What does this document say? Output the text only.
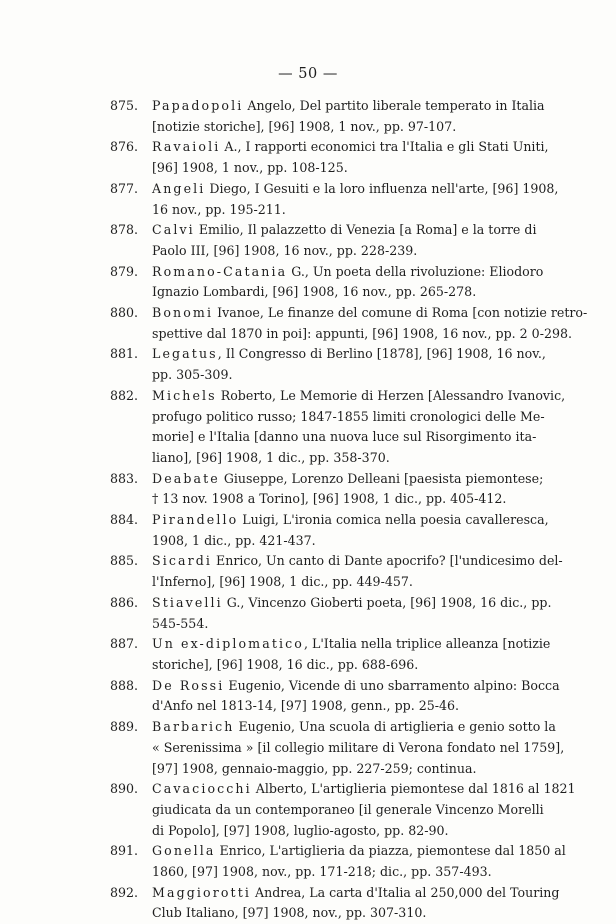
— 50 —
875. Papadopoli Angelo, Del partito liberale temperato in Italia
[notizie storiche], [96] 1908, 1 nov., pp. 97-107.
876. Ravaioli A., I rapporti economici tra l'Italia e gli Stati Uniti,
[96] 1908, 1 nov., pp. 108-125.
877. Angeli Diego, I Gesuiti e la loro influenza nell'arte, [96] 1908,
16 nov., pp. 195-211.
878. Calvi Emilio, Il palazzetto di Venezia [a Roma] e la torre di
Paolo III, [96] 1908, 16 nov., pp. 228-239.
879. Romano-Catania G., Un poeta della rivoluzione: Eliodoro
Ignazio Lombardi, [96] 1908, 16 nov., pp. 265-278.
880. Bonomi Ivanoe, Le finanze del comune di Roma [con notizie retro-
spettive dal 1870 in poi]: appunti, [96] 1908, 16 nov., pp. 2 0-298.
881. Legatus, Il Congresso di Berlino [1878], [96] 1908, 16 nov.,
pp. 305-309.
882. Michels Roberto, Le Memorie di Herzen [Alessandro Ivanovic,
profugo politico russo; 1847-1855 limiti cronologici delle Me-
morie] e l'Italia [danno una nuova luce sul Risorgimento ita-
liano], [96] 1908, 1 dic., pp. 358-370.
883. Deabate Giuseppe, Lorenzo Delleani [paesista piemontese;
† 13 nov. 1908 a Torino], [96] 1908, 1 dic., pp. 405-412.
884. Pirandello Luigi, L'ironia comica nella poesia cavalleresca,
1908, 1 dic., pp. 421-437.
885. Sicardi Enrico, Un canto di Dante apocrifo? [l'undicesimo del-
l'Inferno], [96] 1908, 1 dic., pp. 449-457.
886. Stiavelli G., Vincenzo Gioberti poeta, [96] 1908, 16 dic., pp.
545-554.
887. Un ex-diplomatico, L'Italia nella triplice alleanza [notizie
storiche], [96] 1908, 16 dic., pp. 688-696.
888. De Rossi Eugenio, Vicende di uno sbarramento alpino: Bocca
d'Anfo nel 1813-14, [97] 1908, genn., pp. 25-46.
889. Barbarich Eugenio, Una scuola di artiglieria e genio sotto la
« Serenissima » [il collegio militare di Verona fondato nel 1759],
[97] 1908, gennaio-maggio, pp. 227-259; continua.
890. Cavaciocchi Alberto, L'artiglieria piemontese dal 1816 al 1821
giudicata da un contemporaneo [il generale Vincenzo Morelli
di Popolo], [97] 1908, luglio-agosto, pp. 82-90.
891. Gonella Enrico, L'artiglieria da piazza, piemontese dal 1850 al
1860, [97] 1908, nov., pp. 171-218; dic., pp. 357-493.
892. Maggiorotti Andrea, La carta d'Italia al 250,000 del Touring
Club Italiano, [97] 1908, nov., pp. 307-310.
